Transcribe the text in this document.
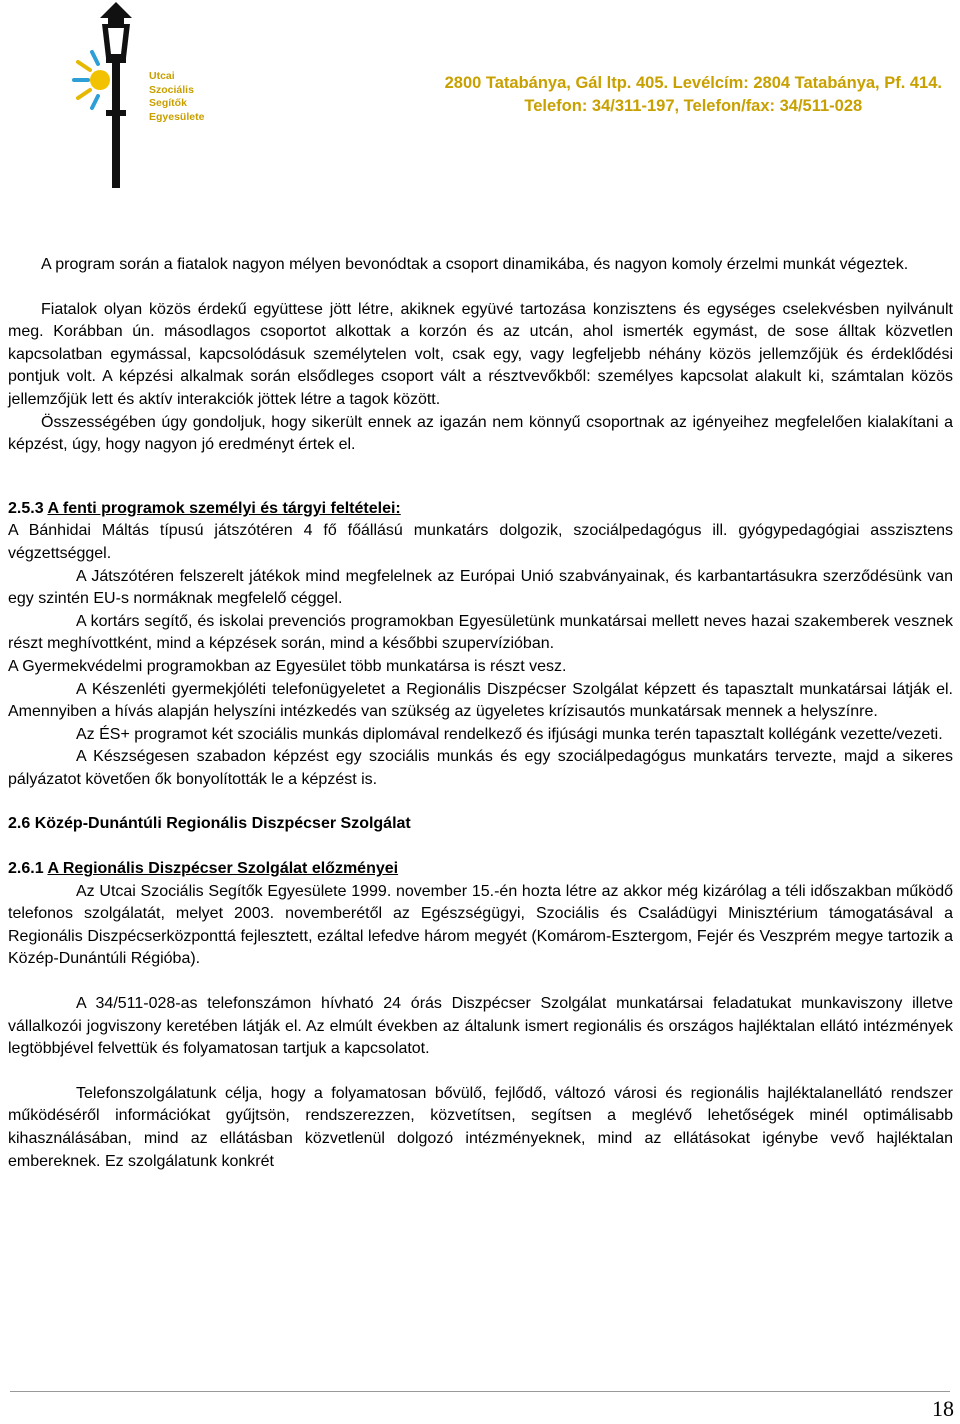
Utcai
Szociális
Segítők
Egyesülete
2800 Tatabánya, Gál ltp. 405. Levélcím: 2804 Tatabánya, Pf. 414.
Telefon: 34/311-197, Telefon/fax: 34/511-028

A program során a fiatalok nagyon mélyen bevonódtak a csoport dinamikába, és nagyon komoly érzelmi munkát végeztek.

Fiatalok olyan közös érdekű együttese jött létre, akiknek együvé tartozása konzisztens és egységes cselekvésben nyilvánult meg. Korábban ún. másodlagos csoportot alkottak a korzón és az utcán, ahol ismerték egymást, de sose álltak közvetlen kapcsolatban egymással, kapcsolódásuk személytelen volt, csak egy, vagy legfeljebb néhány közös jellemzőjük és érdeklődési pontjuk volt. A képzési alkalmak során elsődleges csoport vált a résztvevőkből: személyes kapcsolat alakult ki, számtalan közös jellemzőjük lett és aktív interakciók jöttek létre a tagok között.

Összességében úgy gondoljuk, hogy sikerült ennek az igazán nem könnyű csoportnak az igényeihez megfelelően kialakítani a képzést, úgy, hogy nagyon jó eredményt értek el.

2.5.3 A fenti programok személyi és tárgyi feltételei:

A Bánhidai Máltás típusú játszótéren 4 fő főállású munkatárs dolgozik, szociálpedagógus ill. gyógypedagógiai asszisztens végzettséggel.

A Játszótéren felszerelt játékok mind megfelelnek az Európai Unió szabványainak, és karbantartásukra szerződésünk van egy szintén EU-s normáknak megfelelő céggel.

A kortárs segítő, és iskolai prevenciós programokban Egyesületünk munkatársai mellett neves hazai szakemberek vesznek részt meghívottként, mind a képzések során, mind a későbbi szupervízióban.

A Gyermekvédelmi programokban az Egyesület több munkatársa is részt vesz.

A Készenléti gyermekjóléti telefonügyeletet a Regionális Diszpécser Szolgálat képzett és tapasztalt munkatársai látják el. Amennyiben a hívás alapján helyszíni intézkedés van szükség az ügyeletes krízisautós munkatársak mennek a helyszínre.

Az ÉS+ programot két szociális munkás diplomával rendelkező és ifjúsági munka terén tapasztalt kollégánk vezette/vezeti.

A Készségesen szabadon képzést egy szociális munkás és egy szociálpedagógus munkatárs tervezte, majd a sikeres pályázatot követően ők bonyolították le a képzést is.

2.6 Közép-Dunántúli Regionális Diszpécser Szolgálat

2.6.1 A Regionális Diszpécser Szolgálat előzményei

Az Utcai Szociális Segítők Egyesülete 1999. november 15.-én hozta létre az akkor még kizárólag a téli időszakban működő telefonos szolgálatát, melyet 2003. novemberétől az Egészségügyi, Szociális és Családügyi Minisztérium támogatásával a Regionális Diszpécserközponttá fejlesztett, ezáltal lefedve három megyét (Komárom-Esztergom, Fejér és Veszprém megye tartozik a Közép-Dunántúli Régióba).

A 34/511-028-as telefonszámon hívható 24 órás Diszpécser Szolgálat munkatársai feladatukat munkaviszony illetve vállalkozói jogviszony keretében látják el. Az elmúlt években az általunk ismert regionális és országos hajléktalan ellátó intézmények legtöbbjével felvettük és folyamatosan tartjuk a kapcsolatot.

Telefonszolgálatunk célja, hogy a folyamatosan bővülő, fejlődő, változó városi és regionális hajléktalanellátó rendszer működéséről információkat gyűjtsön, rendszerezzen, közvetítsen, segítsen a meglévő lehetőségek minél optimálisabb kihasználásában, mind az ellátásban közvetlenül dolgozó intézményeknek, mind az ellátásokat igénybe vevő hajléktalan embereknek. Ez szolgálatunk konkrét

18
